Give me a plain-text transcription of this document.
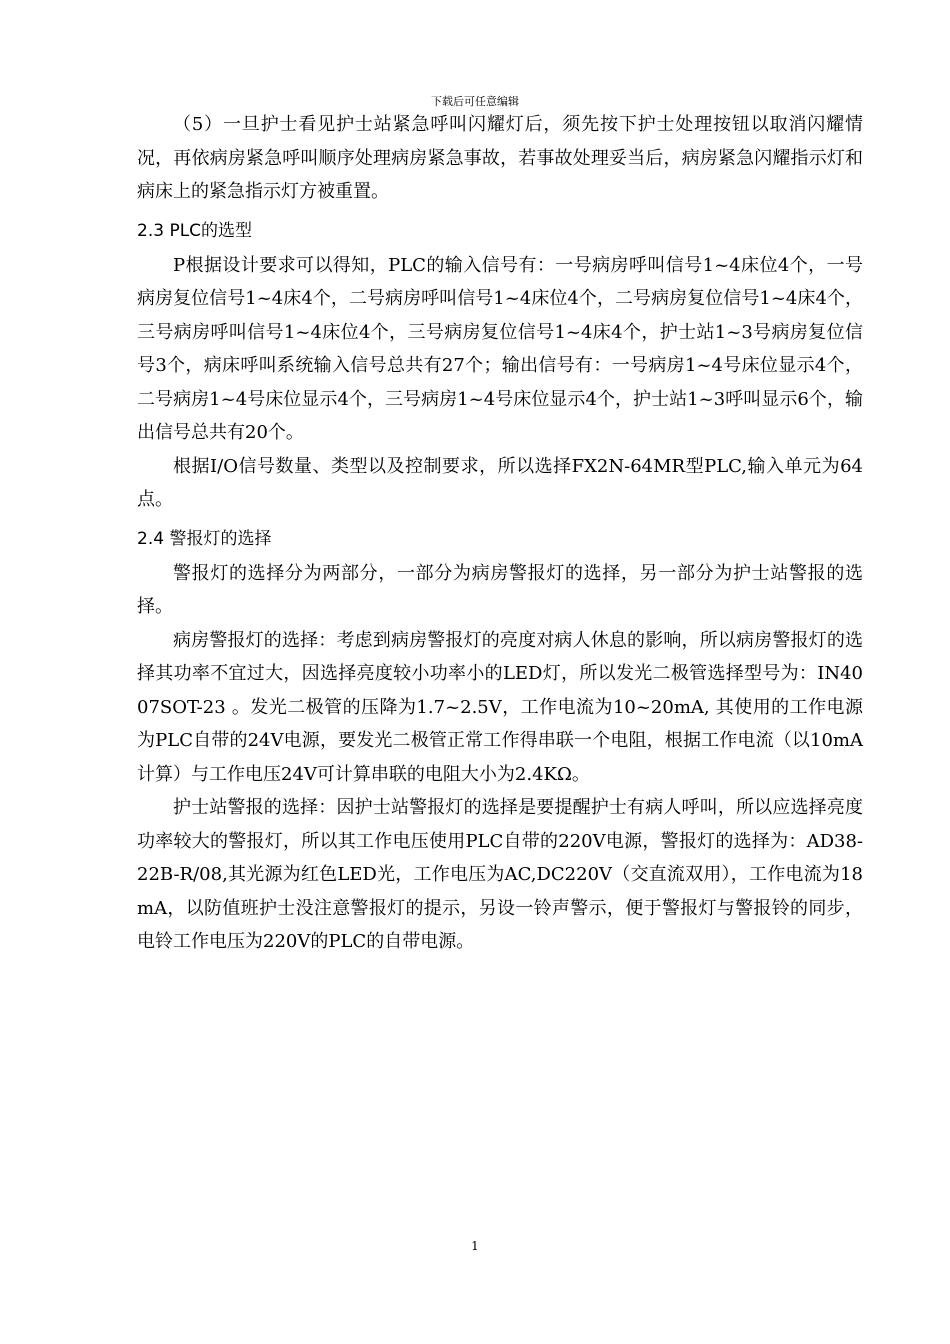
下载后可任意编辑

（5）一旦护士看见护士站紧急呼叫闪耀灯后，须先按下护士处理按钮以取消闪耀情况，再依病房紧急呼叫顺序处理病房紧急事故，若事故处理妥当后，病房紧急闪耀指示灯和病床上的紧急指示灯方被重置。

2.3 PLC的选型

P根据设计要求可以得知，PLC的输入信号有：一号病房呼叫信号1~4床位4个，一号病房复位信号1~4床4个，二号病房呼叫信号1~4床位4个，二号病房复位信号1~4床4个，三号病房呼叫信号1~4床位4个，三号病房复位信号1~4床4个，护士站1~3号病房复位信号3个，病床呼叫系统输入信号总共有27个；输出信号有：一号病房1~4号床位显示4个，二号病房1~4号床位显示4个，三号病房1~4号床位显示4个，护士站1~3呼叫显示6个，输出信号总共有20个。

根据I/O信号数量、类型以及控制要求，所以选择FX2N-64MR型PLC,输入单元为64点。

2.4 警报灯的选择

警报灯的选择分为两部分，一部分为病房警报灯的选择，另一部分为护士站警报的选择。

病房警报灯的选择：考虑到病房警报灯的亮度对病人休息的影响，所以病房警报灯的选择其功率不宜过大，因选择亮度较小功率小的LED灯，所以发光二极管选择型号为：IN4007SOT-23 。发光二极管的压降为1.7~2.5V，工作电流为10~20mA, 其使用的工作电源为PLC自带的24V电源，要发光二极管正常工作得串联一个电阻，根据工作电流（以10mA计算）与工作电压24V可计算串联的电阻大小为2.4KΩ。

护士站警报的选择：因护士站警报灯的选择是要提醒护士有病人呼叫，所以应选择亮度功率较大的警报灯，所以其工作电压使用PLC自带的220V电源，警报灯的选择为：AD38-22B-R/08,其光源为红色LED光，工作电压为AC,DC220V（交直流双用），工作电流为18mA，以防值班护士没注意警报灯的提示，另设一铃声警示，便于警报灯与警报铃的同步，电铃工作电压为220V的PLC的自带电源。

1
